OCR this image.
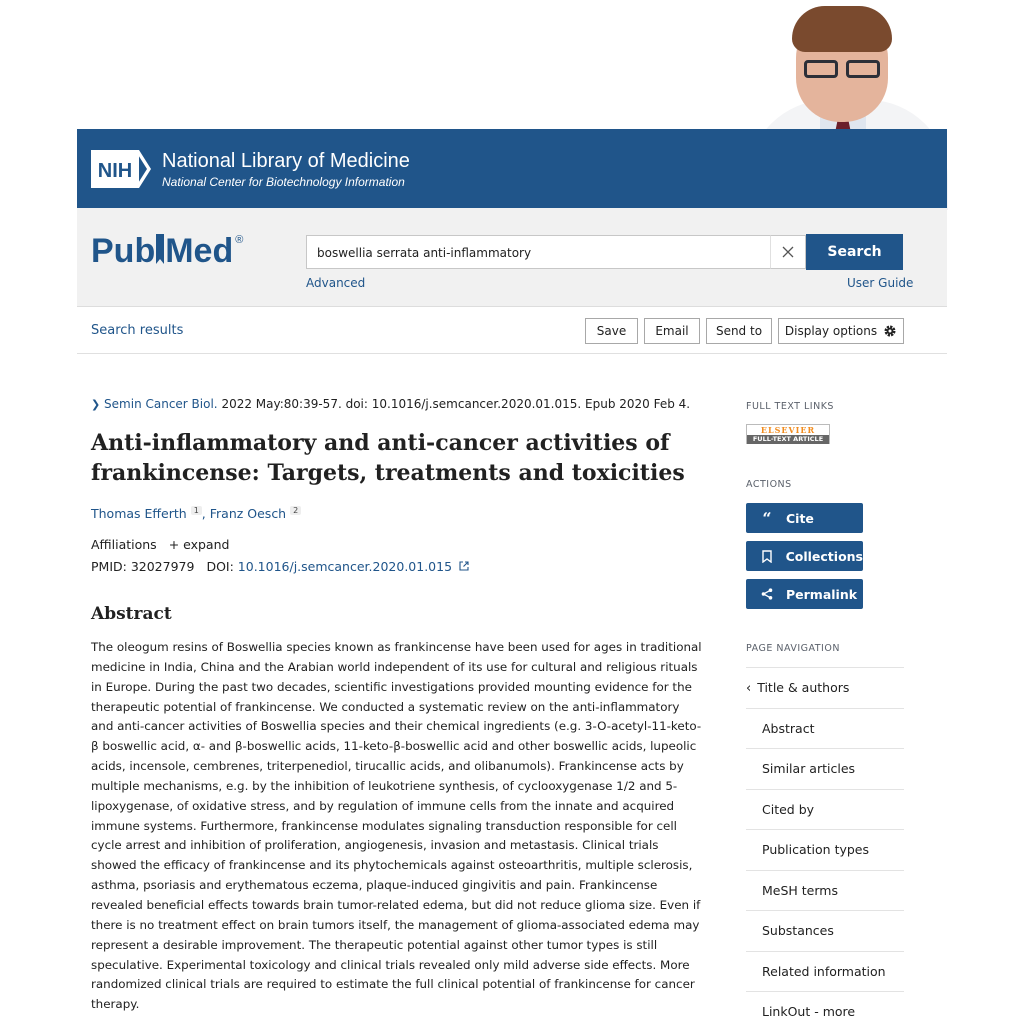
NIH National Library of Medicine
National Center for Biotechnology Information
Pub Med ®
boswellia serrata anti-inflammatory	Search
Advanced	User Guide
Search results	Save	Email	Send to	Display options
❯ Semin Cancer Biol. 2022 May:80:39-57. doi: 10.1016/j.semcancer.2020.01.015. Epub 2020 Feb 4.
Anti-inflammatory and anti-cancer activities of
frankincense: Targets, treatments and toxicities
Thomas Efferth $^1$ , Franz Oesch $^2$
Affiliations + expand
PMID: 32027979 DOI: 10.1016/j.semcancer.2020.01.015
Abstract
The oleogum resins of Boswellia species known as frankincense have been used for ages in traditional
medicine in India, China and the Arabian world independent of its use for cultural and religious rituals
in Europe. During the past two decades, scientific investigations provided mounting evidence for the
therapeutic potential of frankincense. We conducted a systematic review on the anti-inflammatory
and anti-cancer activities of Boswellia species and their chemical ingredients (e.g. 3-O-acetyl-11-keto-
β boswellic acid, α- and β-boswellic acids, 11-keto-β-boswellic acid and other boswellic acids, lupeolic
acids, incensole, cembrenes, triterpenediol, tirucallic acids, and olibanumols). Frankincense acts by
multiple mechanisms, e.g. by the inhibition of leukotriene synthesis, of cyclooxygenase 1/2 and 5-
lipoxygenase, of oxidative stress, and by regulation of immune cells from the innate and acquired
immune systems. Furthermore, frankincense modulates signaling transduction responsible for cell
cycle arrest and inhibition of proliferation, angiogenesis, invasion and metastasis. Clinical trials
showed the efficacy of frankincense and its phytochemicals against osteoarthritis, multiple sclerosis,
asthma, psoriasis and erythematous eczema, plaque-induced gingivitis and pain. Frankincense
revealed beneficial effects towards brain tumor-related edema, but did not reduce glioma size. Even if
there is no treatment effect on brain tumors itself, the management of glioma-associated edema may
represent a desirable improvement. The therapeutic potential against other tumor types is still
speculative. Experimental toxicology and clinical trials revealed only mild adverse side effects. More
randomized clinical trials are required to estimate the full clinical potential of frankincense for cancer
therapy.
FULL TEXT LINKS
ELSEVIER
FULL-TEXT ARTICLE
ACTIONS
“	Cite
Collections
Permalink
PAGE NAVIGATION
‹ Title & authors
Abstract
Similar articles
Cited by
Publication types
MeSH terms
Substances
Related information
LinkOut - more
